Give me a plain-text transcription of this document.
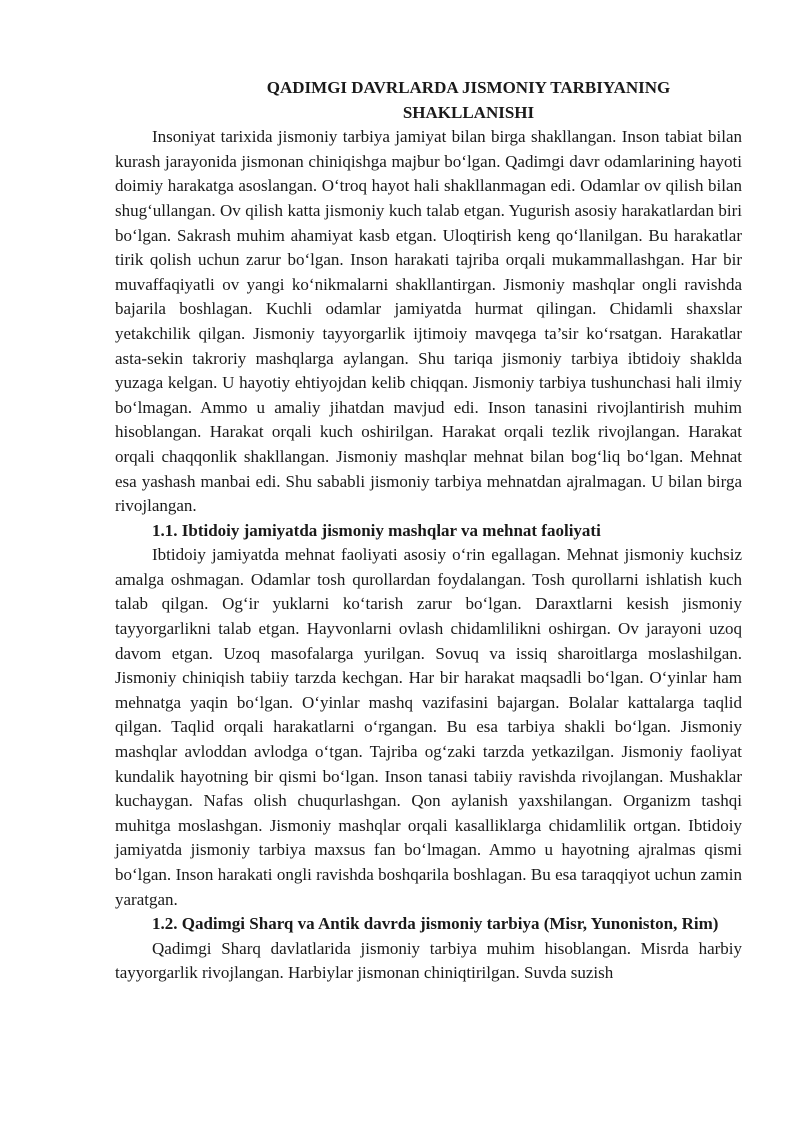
QADIMGI DAVRLARDA JISMONIY TARBIYANING
SHAKLLANISHI

Insoniyat tarixida jismoniy tarbiya jamiyat bilan birga shakllangan. Inson tabiat bilan kurash jarayonida jismonan chiniqishga majbur bo‘lgan. Qadimgi davr odamlarining hayoti doimiy harakatga asoslangan. O‘troq hayot hali shakllanmagan edi. Odamlar ov qilish bilan shug‘ullangan. Ov qilish katta jismoniy kuch talab etgan. Yugurish asosiy harakatlardan biri bo‘lgan. Sakrash muhim ahamiyat kasb etgan. Uloqtirish keng qo‘llanilgan. Bu harakatlar tirik qolish uchun zarur bo‘lgan. Inson harakati tajriba orqali mukammallashgan. Har bir muvaffaqiyatli ov yangi ko‘nikmalarni shakllantirgan. Jismoniy mashqlar ongli ravishda bajarila boshlagan. Kuchli odamlar jamiyatda hurmat qilingan. Chidamli shaxslar yetakchilik qilgan. Jismoniy tayyorgarlik ijtimoiy mavqega ta’sir ko‘rsatgan. Harakatlar asta-sekin takroriy mashqlarga aylangan. Shu tariqa jismoniy tarbiya ibtidoiy shaklda yuzaga kelgan. U hayotiy ehtiyojdan kelib chiqqan. Jismoniy tarbiya tushunchasi hali ilmiy bo‘lmagan. Ammo u amaliy jihatdan mavjud edi. Inson tanasini rivojlantirish muhim hisoblangan. Harakat orqali kuch oshirilgan. Harakat orqali tezlik rivojlangan. Harakat orqali chaqqonlik shakllangan. Jismoniy mashqlar mehnat bilan bog‘liq bo‘lgan. Mehnat esa yashash manbai edi. Shu sababli jismoniy tarbiya mehnatdan ajralmagan. U bilan birga rivojlangan.

1.1. Ibtidoiy jamiyatda jismoniy mashqlar va mehnat faoliyati

Ibtidoiy jamiyatda mehnat faoliyati asosiy o‘rin egallagan. Mehnat jismoniy kuchsiz amalga oshmagan. Odamlar tosh qurollardan foydalangan. Tosh qurollarni ishlatish kuch talab qilgan. Og‘ir yuklarni ko‘tarish zarur bo‘lgan. Daraxtlarni kesish jismoniy tayyorgarlikni talab etgan. Hayvonlarni ovlash chidamlilikni oshirgan. Ov jarayoni uzoq davom etgan. Uzoq masofalarga yurilgan. Sovuq va issiq sharoitlarga moslashilgan. Jismoniy chiniqish tabiiy tarzda kechgan. Har bir harakat maqsadli bo‘lgan. O‘yinlar ham mehnatga yaqin bo‘lgan. O‘yinlar mashq vazifasini bajargan. Bolalar kattalarga taqlid qilgan. Taqlid orqali harakatlarni o‘rgangan. Bu esa tarbiya shakli bo‘lgan. Jismoniy mashqlar avloddan avlodga o‘tgan. Tajriba og‘zaki tarzda yetkazilgan. Jismoniy faoliyat kundalik hayotning bir qismi bo‘lgan. Inson tanasi tabiiy ravishda rivojlangan. Mushaklar kuchaygan. Nafas olish chuqurlashgan. Qon aylanish yaxshilangan. Organizm tashqi muhitga moslashgan. Jismoniy mashqlar orqali kasalliklarga chidamlilik ortgan. Ibtidoiy jamiyatda jismoniy tarbiya maxsus fan bo‘lmagan. Ammo u hayotning ajralmas qismi bo‘lgan. Inson harakati ongli ravishda boshqarila boshlagan. Bu esa taraqqiyot uchun zamin yaratgan.

1.2. Qadimgi Sharq va Antik davrda jismoniy tarbiya (Misr, Yunoniston, Rim)

Qadimgi Sharq davlatlarida jismoniy tarbiya muhim hisoblangan. Misrda harbiy tayyorgarlik rivojlangan. Harbiylar jismonan chiniqtirilgan. Suvda suzish
